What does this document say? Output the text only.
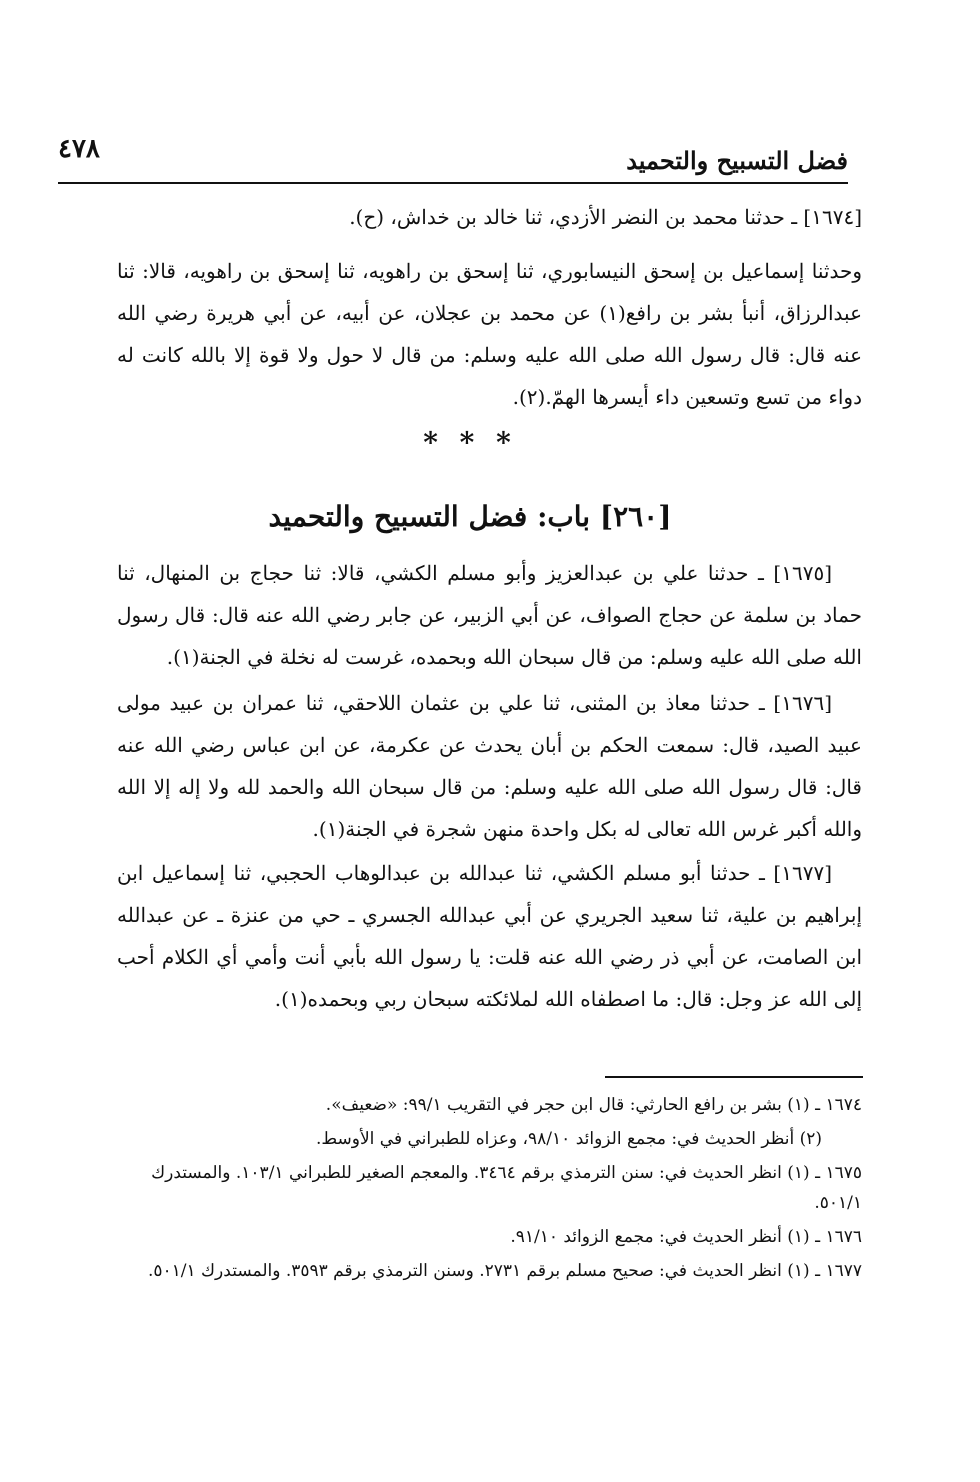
٤٧٨	فضل التسبيح والتحميد
[١٦٧٤] ـ حدثنا محمد بن النضر الأزدي، ثنا خالد بن خداش، (ح).
وحدثنا إسماعيل بن إسحق النيسابوري، ثنا إسحق بن راهويه، ثنا إسحق بن راهويه، قالا: ثنا عبدالرزاق، أنبأ بشر بن رافع(١) عن محمد بن عجلان، عن أبيه، عن أبي هريرة رضي الله عنه قال: قال رسول الله صلى الله عليه وسلم: من قال لا حول ولا قوة إلا بالله كانت له دواء من تسع وتسعين داء أيسرها الهمّ.(٢).
* * *
[٢٦٠] باب: فضل التسبيح والتحميد
[١٦٧٥] ـ حدثنا علي بن عبدالعزيز وأبو مسلم الكشي، قالا: ثنا حجاج بن المنهال، ثنا حماد بن سلمة عن حجاج الصواف، عن أبي الزبير، عن جابر رضي الله عنه قال: قال رسول الله صلى الله عليه وسلم: من قال سبحان الله وبحمده، غرست له نخلة في الجنة(١).
[١٦٧٦] ـ حدثنا معاذ بن المثنى، ثنا علي بن عثمان اللاحقي، ثنا عمران بن عبيد مولى عبيد الصيد، قال: سمعت الحكم بن أبان يحدث عن عكرمة، عن ابن عباس رضي الله عنه قال: قال رسول الله صلى الله عليه وسلم: من قال سبحان الله والحمد لله ولا إله إلا الله والله أكبر غرس الله تعالى له بكل واحدة منهن شجرة في الجنة(١).
[١٦٧٧] ـ حدثنا أبو مسلم الكشي، ثنا عبدالله بن عبدالوهاب الحجبي، ثنا إسماعيل ابن إبراهيم بن علية، ثنا سعيد الجريري عن أبي عبدالله الجسري ـ حي من عنزة ـ عن عبدالله ابن الصامت، عن أبي ذر رضي الله عنه قلت: يا رسول الله بأبي أنت وأمي أي الكلام أحب إلى الله عز وجل: قال: ما اصطفاه الله لملائكته سبحان ربي وبحمده(١).
١٦٧٤ ـ (١) بشر بن رافع الحارثي: قال ابن حجر في التقريب ٩٩/١: «ضعيف».
(٢) أنظر الحديث في: مجمع الزوائد ٩٨/١٠، وعزاه للطبراني في الأوسط.
١٦٧٥ ـ (١) انظر الحديث في: سنن الترمذي برقم ٣٤٦٤. والمعجم الصغير للطبراني ١٠٣/١. والمستدرك ٥٠١/١.
١٦٧٦ ـ (١) أنظر الحديث في: مجمع الزوائد ٩١/١٠.
١٦٧٧ ـ (١) انظر الحديث في: صحيح مسلم برقم ٢٧٣١. وسنن الترمذي برقم ٣٥٩٣. والمستدرك ٥٠١/١.
